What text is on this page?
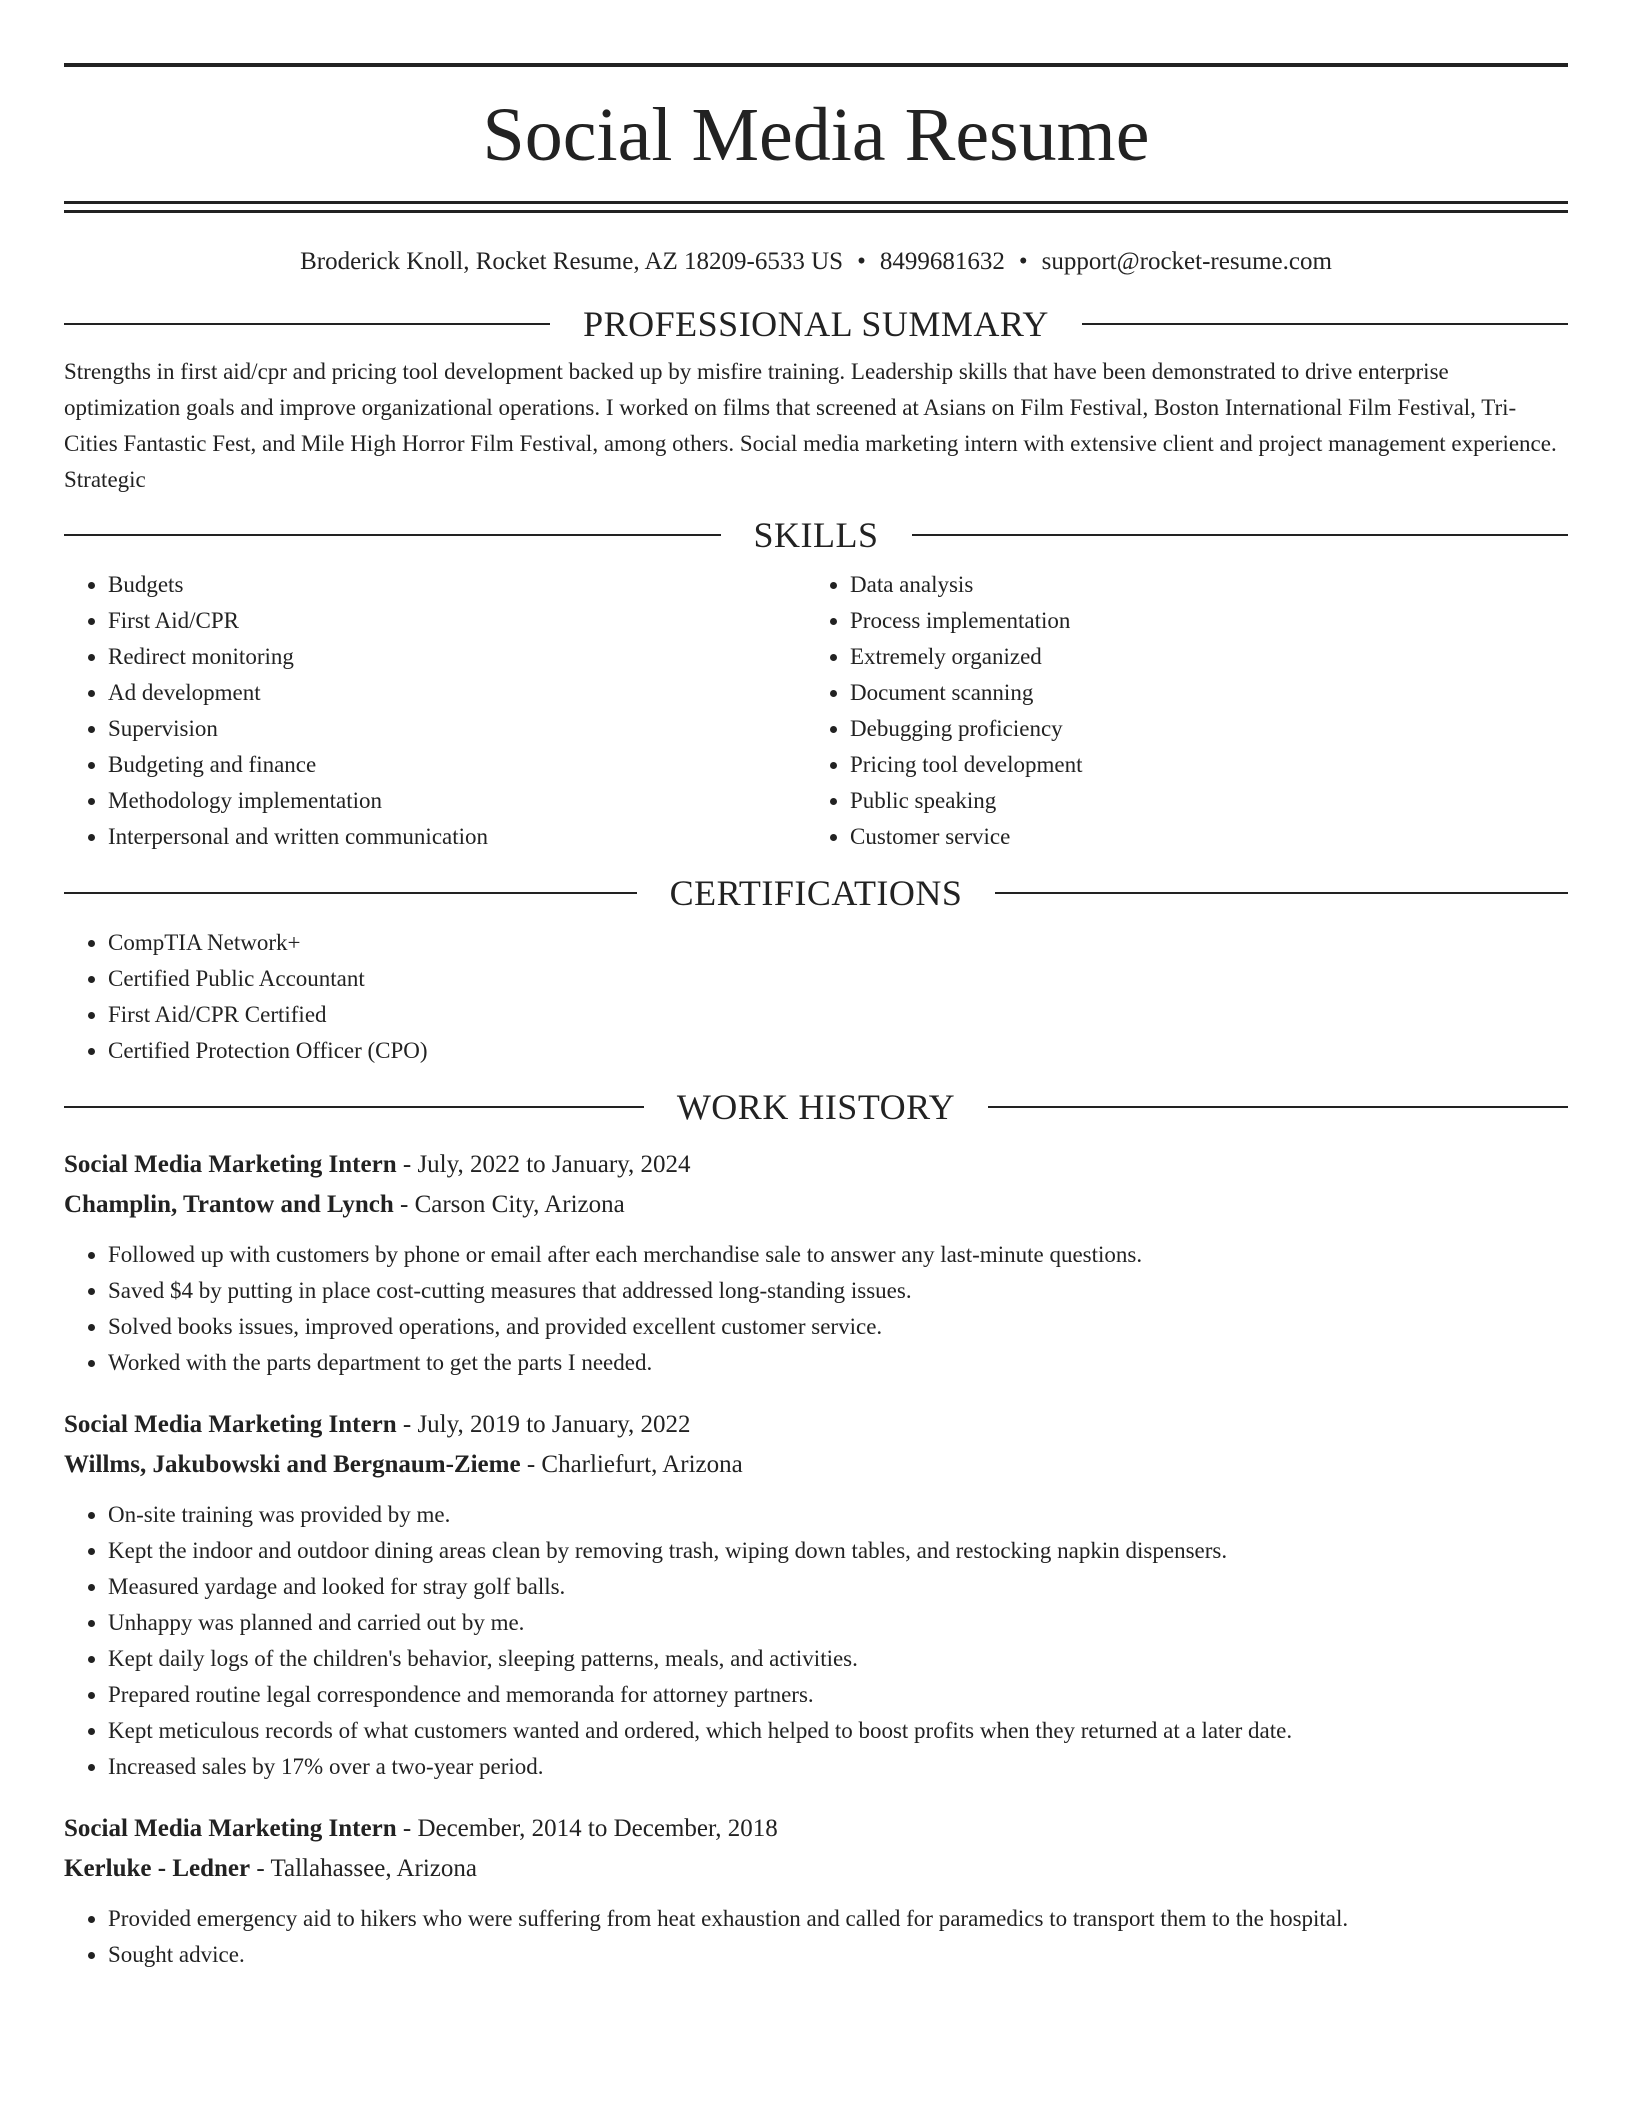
Social Media Resume
Broderick Knoll, Rocket Resume, AZ 18209-6533 US • 8499681632 • support@rocket-resume.com
PROFESSIONAL SUMMARY
Strengths in first aid/cpr and pricing tool development backed up by misfire training. Leadership skills that have been demonstrated to drive enterprise optimization goals and improve organizational operations. I worked on films that screened at Asians on Film Festival, Boston International Film Festival, Tri-Cities Fantastic Fest, and Mile High Horror Film Festival, among others. Social media marketing intern with extensive client and project management experience. Strategic
SKILLS
• Budgets
• First Aid/CPR
• Redirect monitoring
• Ad development
• Supervision
• Budgeting and finance
• Methodology implementation
• Interpersonal and written communication
• Data analysis
• Process implementation
• Extremely organized
• Document scanning
• Debugging proficiency
• Pricing tool development
• Public speaking
• Customer service
CERTIFICATIONS
• CompTIA Network+
• Certified Public Accountant
• First Aid/CPR Certified
• Certified Protection Officer (CPO)
WORK HISTORY
Social Media Marketing Intern - July, 2022 to January, 2024
Champlin, Trantow and Lynch - Carson City, Arizona
• Followed up with customers by phone or email after each merchandise sale to answer any last-minute questions.
• Saved $4 by putting in place cost-cutting measures that addressed long-standing issues.
• Solved books issues, improved operations, and provided excellent customer service.
• Worked with the parts department to get the parts I needed.
Social Media Marketing Intern - July, 2019 to January, 2022
Willms, Jakubowski and Bergnaum-Zieme - Charliefurt, Arizona
• On-site training was provided by me.
• Kept the indoor and outdoor dining areas clean by removing trash, wiping down tables, and restocking napkin dispensers.
• Measured yardage and looked for stray golf balls.
• Unhappy was planned and carried out by me.
• Kept daily logs of the children's behavior, sleeping patterns, meals, and activities.
• Prepared routine legal correspondence and memoranda for attorney partners.
• Kept meticulous records of what customers wanted and ordered, which helped to boost profits when they returned at a later date.
• Increased sales by 17% over a two-year period.
Social Media Marketing Intern - December, 2014 to December, 2018
Kerluke - Ledner - Tallahassee, Arizona
• Provided emergency aid to hikers who were suffering from heat exhaustion and called for paramedics to transport them to the hospital.
• Sought advice.
